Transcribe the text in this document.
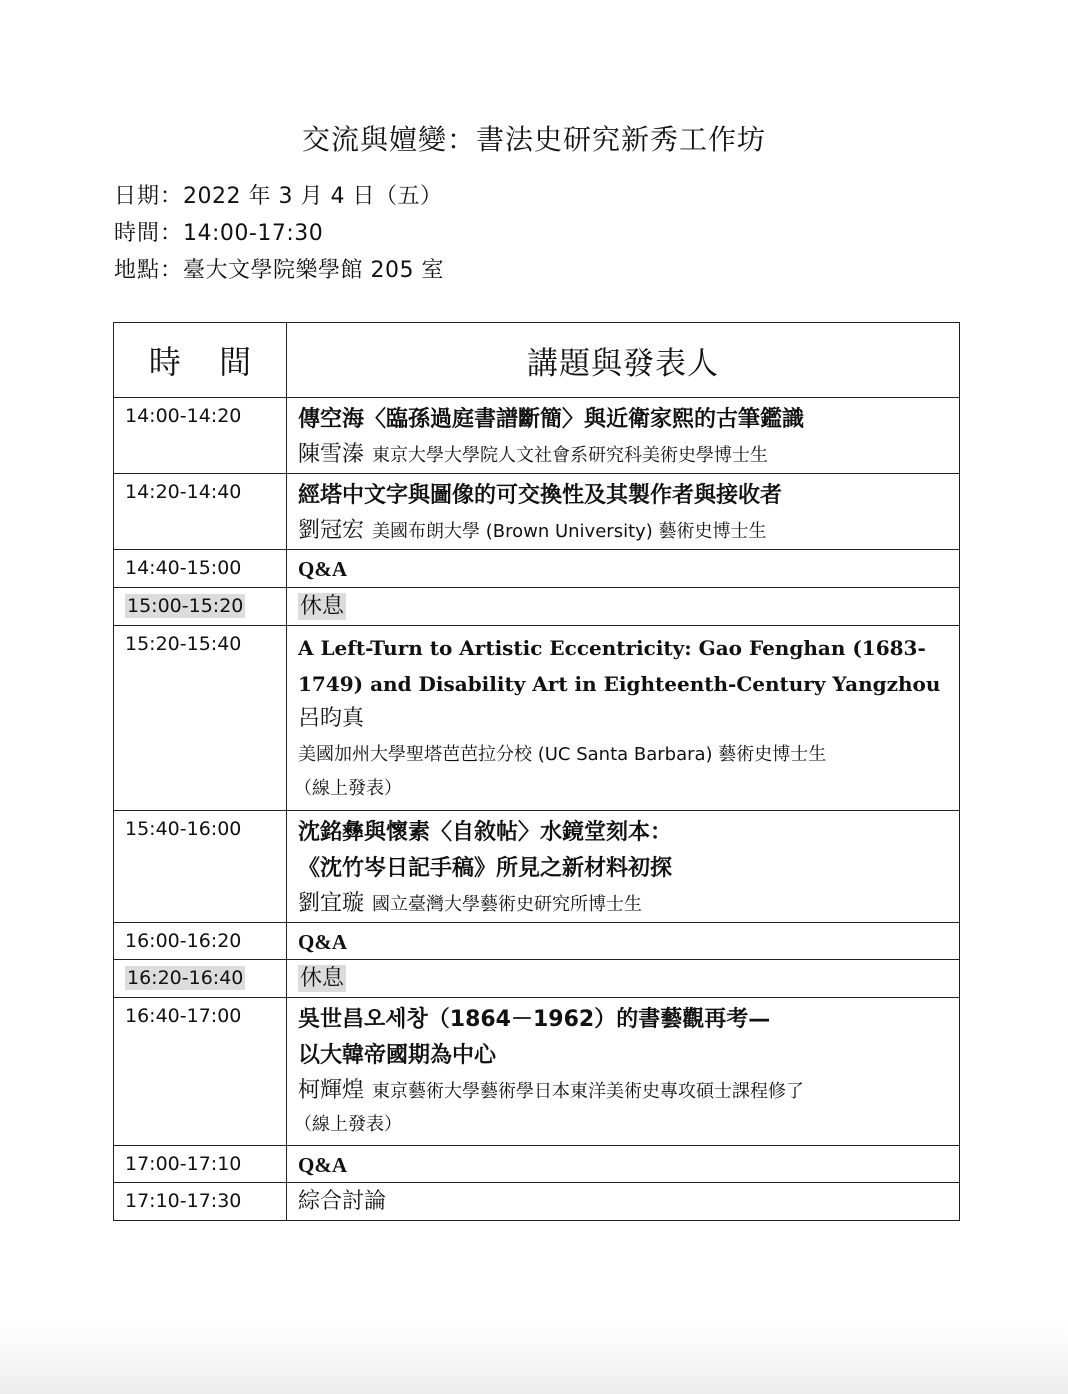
交流與嬗變：書法史研究新秀工作坊
日期：2022 年 3 月 4 日（五）
時間：14:00-17:30
地點：臺大文學院樂學館 205 室
時 間	講題與發表人
14:00-14:20	傳空海〈臨孫過庭書譜斷簡〉與近衛家熙的古筆鑑識
陳雪溱 東京大學大學院人文社會系研究科美術史學博士生

14:20-14:40	經塔中文字與圖像的可交換性及其製作者與接收者
劉冠宏 美國布朗大學 (Brown University) 藝術史博士生

14:40-15:00	Q&A

15:00-15:20	休息

15:20-15:40	A Left-Turn to Artistic Eccentricity: Gao Fenghan (1683-
1749) and Disability Art in Eighteenth-Century Yangzhou
呂昀真
美國加州大學聖塔芭芭拉分校 (UC Santa Barbara) 藝術史博士生
（線上發表）

15:40-16:00	沈銘彝與懷素〈自敘帖〉水鏡堂刻本：
《沈竹岑日記手稿》所見之新材料初探
劉宜璇 國立臺灣大學藝術史研究所博士生

16:00-16:20	Q&A

16:20-16:40	休息

16:40-17:00	吳世昌오세창（1864－1962）的書藝觀再考—
以大韓帝國期為中心
柯輝煌 東京藝術大學藝術學日本東洋美術史專攻碩士課程修了
（線上發表）

17:00-17:10	Q&A

17:10-17:30	綜合討論
